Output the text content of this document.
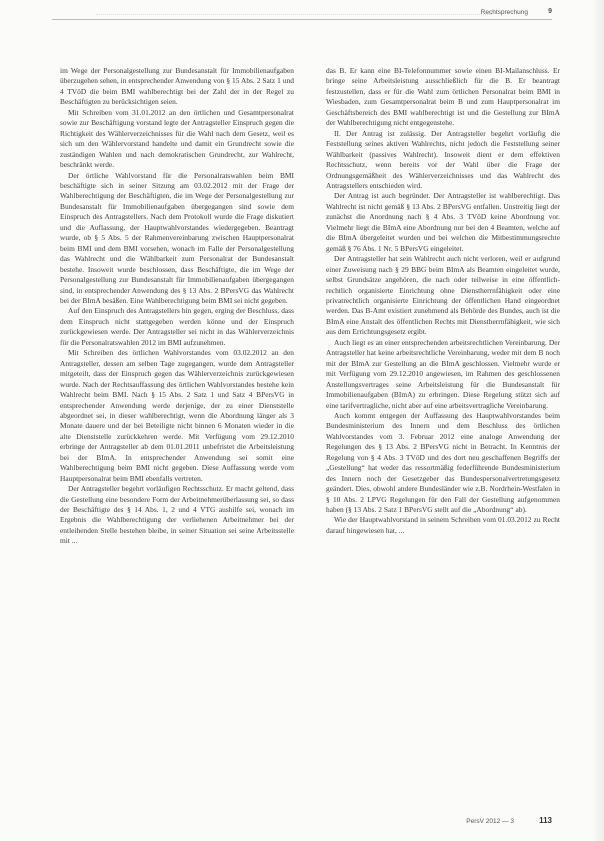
Rechtsprechung	9

im Wege der Personalgestellung zur Bundesanstalt für Immobilienaufgaben überzugehen sehen, in entsprechender Anwendung von § 15 Abs. 2 Satz 1 und 4 TVöD die beim BMI wahlberechtigt bei der Zahl der in der Regel zu Beschäftigten zu berücksichtigen seien.

Mit Schreiben vom 31.01.2012 an den örtlichen und Gesamtpersonalrat sowie zur Beschäftigung vorstand legte der Antragsteller Einspruch gegen die Richtigkeit des Wählerverzeichnisses für die Wahl nach dem Gesetz, weil es sich um den Wählervorstand handelte und damit ein Grundrecht sowie die zuständigen Wahlen und nach demokratischen Grundrecht, zur Wahlrecht, beschränkt werde.

Der örtliche Wahlvorstand für die Personalratswahlen beim BMI beschäftigte sich in seiner Sitzung am 03.02.2012 mit der Frage der Wahlberechtigung der Beschäftigten, die im Wege der Personalgestellung zur Bundesanstalt für Immobilienaufgaben übergegangen sind sowie dem Einspruch des Antragstellers. Nach dem Protokoll wurde die Frage diskutiert und die Auflassung, der Hauptwahlvorstandes wiedergegeben. Beantragt wurde, ob § 5 Abs. 5 der Rahmenvereinbarung zwischen Hauptpersonalrat beim BMI und dem BMI vorsehen, wonach im Falle der Personalgestellung das Wahlrecht und die Wählbarkeit zum Personalrat der Bundesanstalt bestehe. Insoweit wurde beschlossen, dass Beschäftigte, die im Wege der Personalgestellung zur Bundesanstalt für Immobilienaufgaben übergegangen sind, in entsprechender Anwendung des § 13 Abs. 2 BPersVG das Wahlrecht bei der BImA besäßen. Eine Wahlberechtigung beim BMI sei nicht gegeben.

Auf den Einspruch des Antragstellers hin gegen, erging der Beschluss, dass dem Einspruch nicht stattgegeben werden könne und der Einspruch zurückgewiesen werde. Der Antragsteller sei nicht in das Wählerverzeichnis für die Personalratswahlen 2012 im BMI aufzunehmen.

Mit Schreiben des örtlichen Wahlvorstandes vom 03.02.2012 an den Antragsteller, dessen am selben Tage zugegangen, wurde dem Antragsteller mitgeteilt, dass der Einspruch gegen das Wählerverzeichnis zurückgewiesen wurde. Nach der Rechtsauffassung des örtlichen Wahlvorstandes bestehe kein Wahlrecht beim BMI. Nach § 15 Abs. 2 Satz 1 und Satz 4 BPersVG in entsprechender Anwendung werde derjenige, der zu einer Dienststelle abgeordnet sei, in dieser wahlberechtigt, wenn die Abordnung länger als 3 Monate dauere und der bei Beteiligte nicht binnen 6 Monaten wieder in die alte Dienststelle zurückkehren werde. Mit Verfügung vom 29.12.2010 erbringe der Antragsteller ab dem 01.01.2011 unbefristet die Arbeitsleistung bei der BImA. In entsprechender Anwendung sei somit eine Wahlberechtigung beim BMI nicht gegeben. Diese Auffassung werde vom Hauptpersonalrat beim BMI ebenfalls vertreten.

Der Antragsteller begehrt vorläufigen Rechtsschutz. Er macht geltend, dass die Gestellung eine besondere Form der Arbeitnehmerüberlassung sei, so dass der Beschäftigte des § 14 Abs. 1, 2 und 4 VTG aushilfe sei, wonach im Ergebnis die Wahlberechtigung der verliehenen Arbeitnehmer bei der entleihenden Stelle bestehen bleibe, in seiner Situation sei seine Arbeitsstelle mit ...

das B. Er kann eine BI-Telefonnummer sowie einen BI-Mailanschluss. Er bringe seine Arbeitsleistung ausschließlich für die B. Er beantragt festzustellen, dass er für die Wahl zum örtlichen Personalrat beim BMI in Wiesbaden, zum Gesamtpersonalrat beim B und zum Hauptpersonalrat im Geschäftsbereich des BMI wahlberechtigt ist und die Gestellung zur BImA der Wahlberechtigung nicht entgegenstehe.

II. Der Antrag ist zulässig. Der Antragsteller begehrt vorläufig die Feststellung seines aktiven Wahlrechts, nicht jedoch die Feststellung seiner Wählbarkeit (passives Wahlrecht). Insoweit dient er dem effektiven Rechtsschutz, wenn bereits vor der Wahl über die Frage der Ordnungsgemäßheit des Wählerverzeichnisses und das Wahlrecht des Antragstellers entschieden wird.

Der Antrag ist auch begründet. Der Antragsteller ist wahlberechtigt. Das Wahlrecht ist nicht gemäß § 13 Abs. 2 BPersVG entfallen. Unstreitig liegt der zunächst die Anordnung nach § 4 Abs. 3 TVöD keine Abordnung vor. Vielmehr liegt die BImA eine Abordnung nur bei den 4 Beamten, welche auf die BImA übergeleitet wurden und bei welchen die Mitbestimmungsrechte gemäß § 76 Abs. 1 Nr. 5 BPersVG eingeleitet.

Der Antragsteller hat sein Wahlrecht auch nicht verloren, weil er aufgrund einer Zuweisung nach § 29 BBG beim BImA als Beamten eingeleitet wurde, selbst Grundsätze angehören, die nach oder teilweise in eine öffentlich-rechtlich organisierte Einrichtung ohne Dienstherrnfähigkeit oder eine privatrechtlich organisierte Einrichtung der öffentlichen Hand eingeordnet werden. Das B-Amt existiert zunehmend als Behörde des Bundes, auch ist die BImA eine Anstalt des öffentlichen Rechts mit Dienstherrnfähigkeit, wie sich aus dem Errichtungsgesetz ergibt.

Auch liegt es an einer entsprechenden arbeitsrechtlichen Vereinbarung. Der Antragsteller hat keine arbeitsrechtliche Vereinbarung, weder mit dem B noch mit der BImA zur Gestellung an die BImA geschlossen. Vielmehr wurde er mit Verfügung vom 29.12.2010 angewiesen, im Rahmen des geschlossenen Anstellungsvertrages seine Arbeitsleistung für die Bundesanstalt für Immobilienaufgaben (BImA) zu erbringen. Diese Regelung stützt sich auf eine tarifvertragliche, nicht aber auf eine arbeitsvertragliche Vereinbarung.

Auch kommt entgegen der Auffassung des Hauptwahlvorstandes beim Bundesministerium des Innern und dem Beschluss des örtlichen Wahlvorstandes vom 3. Februar 2012 eine analoge Anwendung der Regelungen des § 13 Abs. 2 BPersVG nicht in Betracht. In Kenntnis der Regelung von § 4 Abs. 3 TVöD und des dort neu geschaffenen Begriffs der „Gestellung“ hat weder das ressortmäßig federführende Bundesministerium des Innern noch der Gesetzgeber das Bundespersonalvertretungsgesetz geändert. Dies, obwohl andere Bundesländer wie z.B. Nordrhein-Westfalen in § 10 Abs. 2 LPVG Regelungen für den Fall der Gestellung aufgenommen haben (§ 13 Abs. 2 Satz 1 BPersVG stellt auf die „Abordnung“ ab).

Wie der Hauptwahlvorstand in seinem Schreiben vom 01.03.2012 zu Recht darauf hingewiesen hat, ...

PersV 2012 — 3	113
